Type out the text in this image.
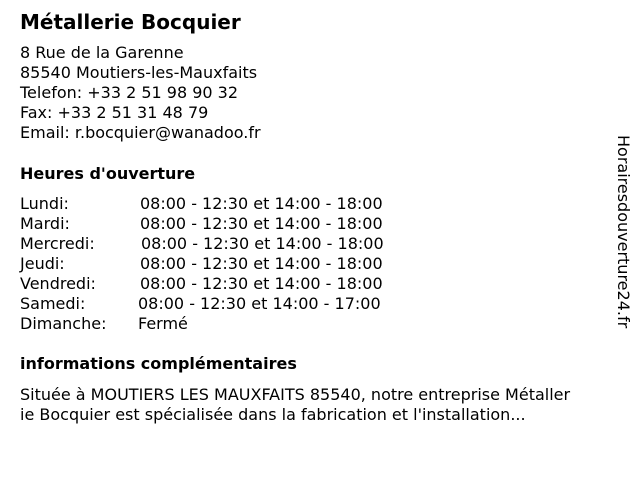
Métallerie Bocquier
8 Rue de la Garenne
85540 Moutiers-les-Mauxfaits
Telefon: +33 2 51 98 90 32
Fax: +33 2 51 31 48 79
Email: r.bocquier@wanadoo.fr
Heures d'ouverture
Lundi:	08:00 - 12:30 et 14:00 - 18:00
Mardi:	08:00 - 12:30 et 14:00 - 18:00
Mercredi:	08:00 - 12:30 et 14:00 - 18:00
Jeudi:	08:00 - 12:30 et 14:00 - 18:00
Vendredi:	08:00 - 12:30 et 14:00 - 18:00
Samedi:	08:00 - 12:30 et 14:00 - 17:00
Dimanche: Fermé
informations complémentaires
Située à MOUTIERS LES MAUXFAITS 85540, notre entreprise Métaller
ie Bocquier est spécialisée dans la fabrication et l'installation...
Horairesdouverture24.fr
